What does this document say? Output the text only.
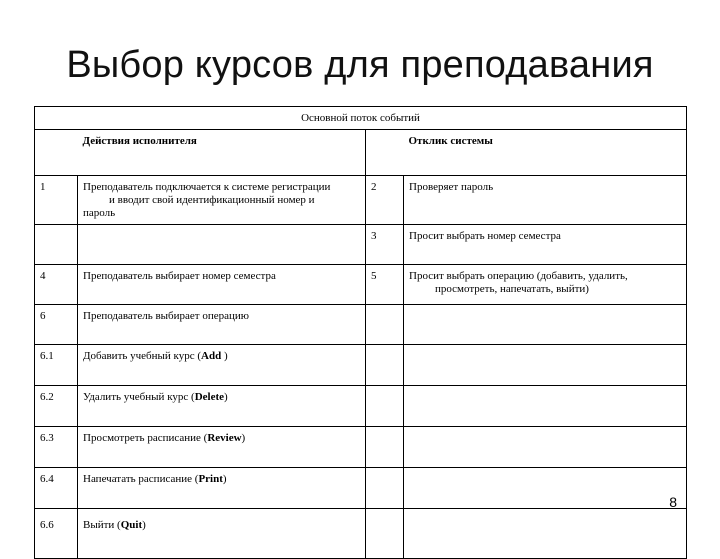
Выбор курсов для преподавания
Основной поток событий			
	Действия исполнителя		Отклик системы
1	Преподаватель подключается к системе регистрации
и вводит свой идентификационный номер и
пароль	2	Проверяет пароль
		3	Просит выбрать номер семестра
4	Преподаватель выбирает номер семестра	5	Просит выбрать операцию (добавить, удалить,
просмотреть, напечатать, выйти)

6	Преподаватель выбирает операцию		
6.1	Добавить учебный курс (Add )		
6.2	Удалить учебный курс (Delete)		
6.3	Просмотреть расписание (Review)		
6.4	Напечатать расписание (Print)		
6.6	Выйти (Quit)		
8
